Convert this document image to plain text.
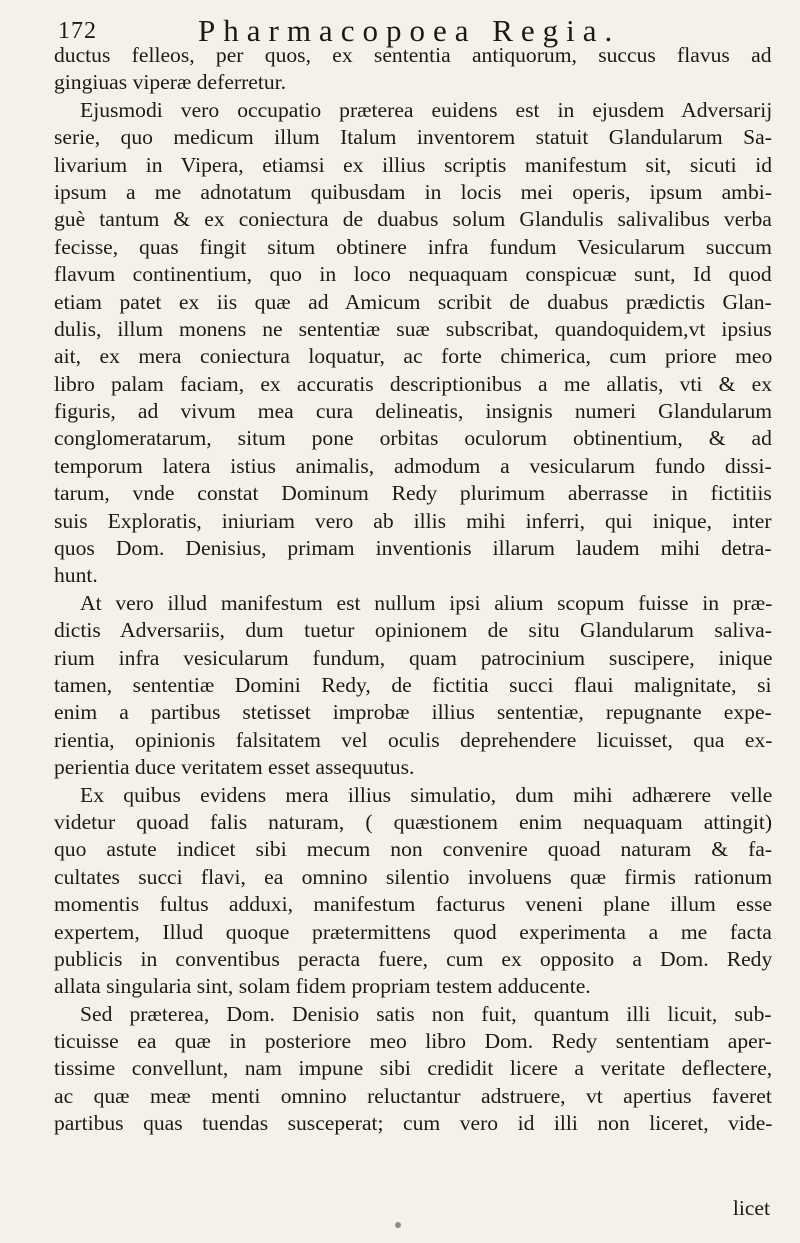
172	Pharmacopoea Regia.
ductus felleos, per quos, ex sententia antiquorum, succus flavus ad
gingiuas viperæ deferretur.
Ejusmodi vero occupatio præterea euidens est in ejusdem Adversarij
serie, quo medicum illum Italum inventorem statuit Glandularum Sa-
livarium in Vipera, etiamsi ex illius scriptis manifestum sit, sicuti id
ipsum a me adnotatum quibusdam in locis mei operis, ipsum ambi-
guè tantum & ex coniectura de duabus solum Glandulis salivalibus verba
fecisse, quas fingit situm obtinere infra fundum Vesicularum succum
flavum continentium, quo in loco nequaquam conspicuæ sunt, Id quod
etiam patet ex iis quæ ad Amicum scribit de duabus prædictis Glan-
dulis, illum monens ne sententiæ suæ subscribat, quandoquidem,vt ipsius
ait, ex mera coniectura loquatur, ac forte chimerica, cum priore meo
libro palam faciam, ex accuratis descriptionibus a me allatis, vti & ex
figuris, ad vivum mea cura delineatis, insignis numeri Glandularum
conglomeratarum, situm pone orbitas oculorum obtinentium, & ad
temporum latera istius animalis, admodum a vesicularum fundo dissi-
tarum, vnde constat Dominum Redy plurimum aberrasse in fictitiis
suis Exploratis, iniuriam vero ab illis mihi inferri, qui inique, inter
quos Dom. Denisius, primam inventionis illarum laudem mihi detra-
hunt.
At vero illud manifestum est nullum ipsi alium scopum fuisse in præ-
dictis Adversariis, dum tuetur opinionem de situ Glandularum saliva-
rium infra vesicularum fundum, quam patrocinium suscipere, inique
tamen, sententiæ Domini Redy, de fictitia succi flaui malignitate, si
enim a partibus stetisset improbæ illius sententiæ, repugnante expe-
rientia, opinionis falsitatem vel oculis deprehendere licuisset, qua ex-
perientia duce veritatem esset assequutus.
Ex quibus evidens mera illius simulatio, dum mihi adhærere velle
videtur quoad falis naturam, ( quæstionem enim nequaquam attingit)
quo astute indicet sibi mecum non convenire quoad naturam & fa-
cultates succi flavi, ea omnino silentio involuens quæ firmis rationum
momentis fultus adduxi, manifestum facturus veneni plane illum esse
expertem, Illud quoque prætermittens quod experimenta a me facta
publicis in conventibus peracta fuere, cum ex opposito a Dom. Redy
allata singularia sint, solam fidem propriam testem adducente.
Sed præterea, Dom. Denisio satis non fuit, quantum illi licuit, sub-
ticuisse ea quæ in posteriore meo libro Dom. Redy sententiam aper-
tissime convellunt, nam impune sibi credidit licere a veritate deflectere,
ac quæ meæ menti omnino reluctantur adstruere, vt apertius faveret
partibus quas tuendas susceperat; cum vero id illi non liceret, vide-
licet
